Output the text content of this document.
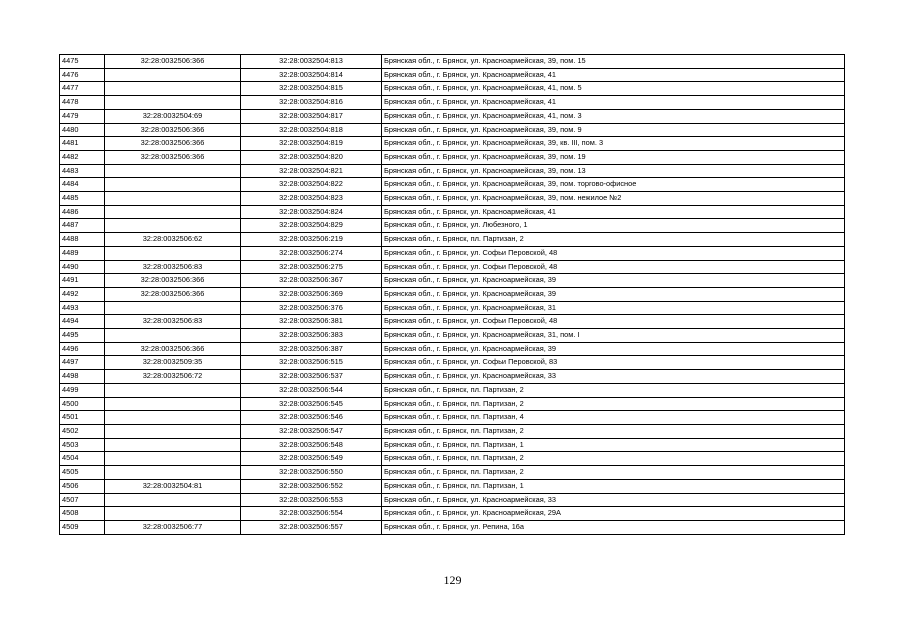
4475	32:28:0032506:366	32:28:0032504:813	Брянская обл., г. Брянск, ул. Красноармейская, 39, пом. 15
4476		32:28:0032504:814	Брянская обл., г. Брянск, ул. Красноармейская, 41
4477		32:28:0032504:815	Брянская обл., г. Брянск, ул. Красноармейская, 41, пом. 5
4478		32:28:0032504:816	Брянская обл., г. Брянск, ул. Красноармейская, 41
4479	32:28:0032504:69	32:28:0032504:817	Брянская обл., г. Брянск, ул. Красноармейская, 41, пом. 3
4480	32:28:0032506:366	32:28:0032504:818	Брянская обл., г. Брянск, ул. Красноармейская, 39, пом. 9
4481	32:28:0032506:366	32:28:0032504:819	Брянская обл., г. Брянск, ул. Красноармейская, 39, кв. III, пом. 3
4482	32:28:0032506:366	32:28:0032504:820	Брянская обл., г. Брянск, ул. Красноармейская, 39, пом. 19
4483		32:28:0032504:821	Брянская обл., г. Брянск, ул. Красноармейская, 39, пом. 13
4484		32:28:0032504:822	Брянская обл., г. Брянск, ул. Красноармейская, 39, пом. торгово-офисное
4485		32:28:0032504:823	Брянская обл., г. Брянск, ул. Красноармейская, 39, пом. нежилое №2
4486		32:28:0032504:824	Брянская обл., г. Брянск, ул. Красноармейская, 41
4487		32:28:0032504:829	Брянская обл., г. Брянск, ул. Любезного, 1
4488	32:28:0032506:62	32:28:0032506:219	Брянская обл., г. Брянск, пл. Партизан, 2
4489		32:28:0032506:274	Брянская обл., г. Брянск, ул. Софьи Перовской, 48
4490	32:28:0032506:83	32:28:0032506:275	Брянская обл., г. Брянск, ул. Софьи Перовской, 48
4491	32:28:0032506:366	32:28:0032506:367	Брянская обл., г. Брянск, ул. Красноармейская, 39
4492	32:28:0032506:366	32:28:0032506:369	Брянская обл., г. Брянск, ул. Красноармейская, 39
4493		32:28:0032506:376	Брянская обл., г. Брянск, ул. Красноармейская, 31
4494	32:28:0032506:83	32:28:0032506:381	Брянская обл., г. Брянск, ул. Софьи Перовской, 48
4495		32:28:0032506:383	Брянская обл., г. Брянск, ул. Красноармейская, 31, пом. I
4496	32:28:0032506:366	32:28:0032506:387	Брянская обл., г. Брянск, ул. Красноармейская, 39
4497	32:28:0032509:35	32:28:0032506:515	Брянская обл., г. Брянск, ул. Софьи Перовской, 83
4498	32:28:0032506:72	32:28:0032506:537	Брянская обл., г. Брянск, ул. Красноармейская, 33
4499		32:28:0032506:544	Брянская обл., г. Брянск, пл. Партизан, 2
4500		32:28:0032506:545	Брянская обл., г. Брянск, пл. Партизан, 2
4501		32:28:0032506:546	Брянская обл., г. Брянск, пл. Партизан, 4
4502		32:28:0032506:547	Брянская обл., г. Брянск, пл. Партизан, 2
4503		32:28:0032506:548	Брянская обл., г. Брянск, пл. Партизан, 1
4504		32:28:0032506:549	Брянская обл., г. Брянск, пл. Партизан, 2
4505		32:28:0032506:550	Брянская обл., г. Брянск, пл. Партизан, 2
4506	32:28:0032504:81	32:28:0032506:552	Брянская обл., г. Брянск, пл. Партизан, 1
4507		32:28:0032506:553	Брянская обл., г. Брянск, ул. Красноармейская, 33
4508		32:28:0032506:554	Брянская обл., г. Брянск, ул. Красноармейская, 29А
4509	32:28:0032506:77	32:28:0032506:557	Брянская обл., г. Брянск, ул. Репина, 16а
129
